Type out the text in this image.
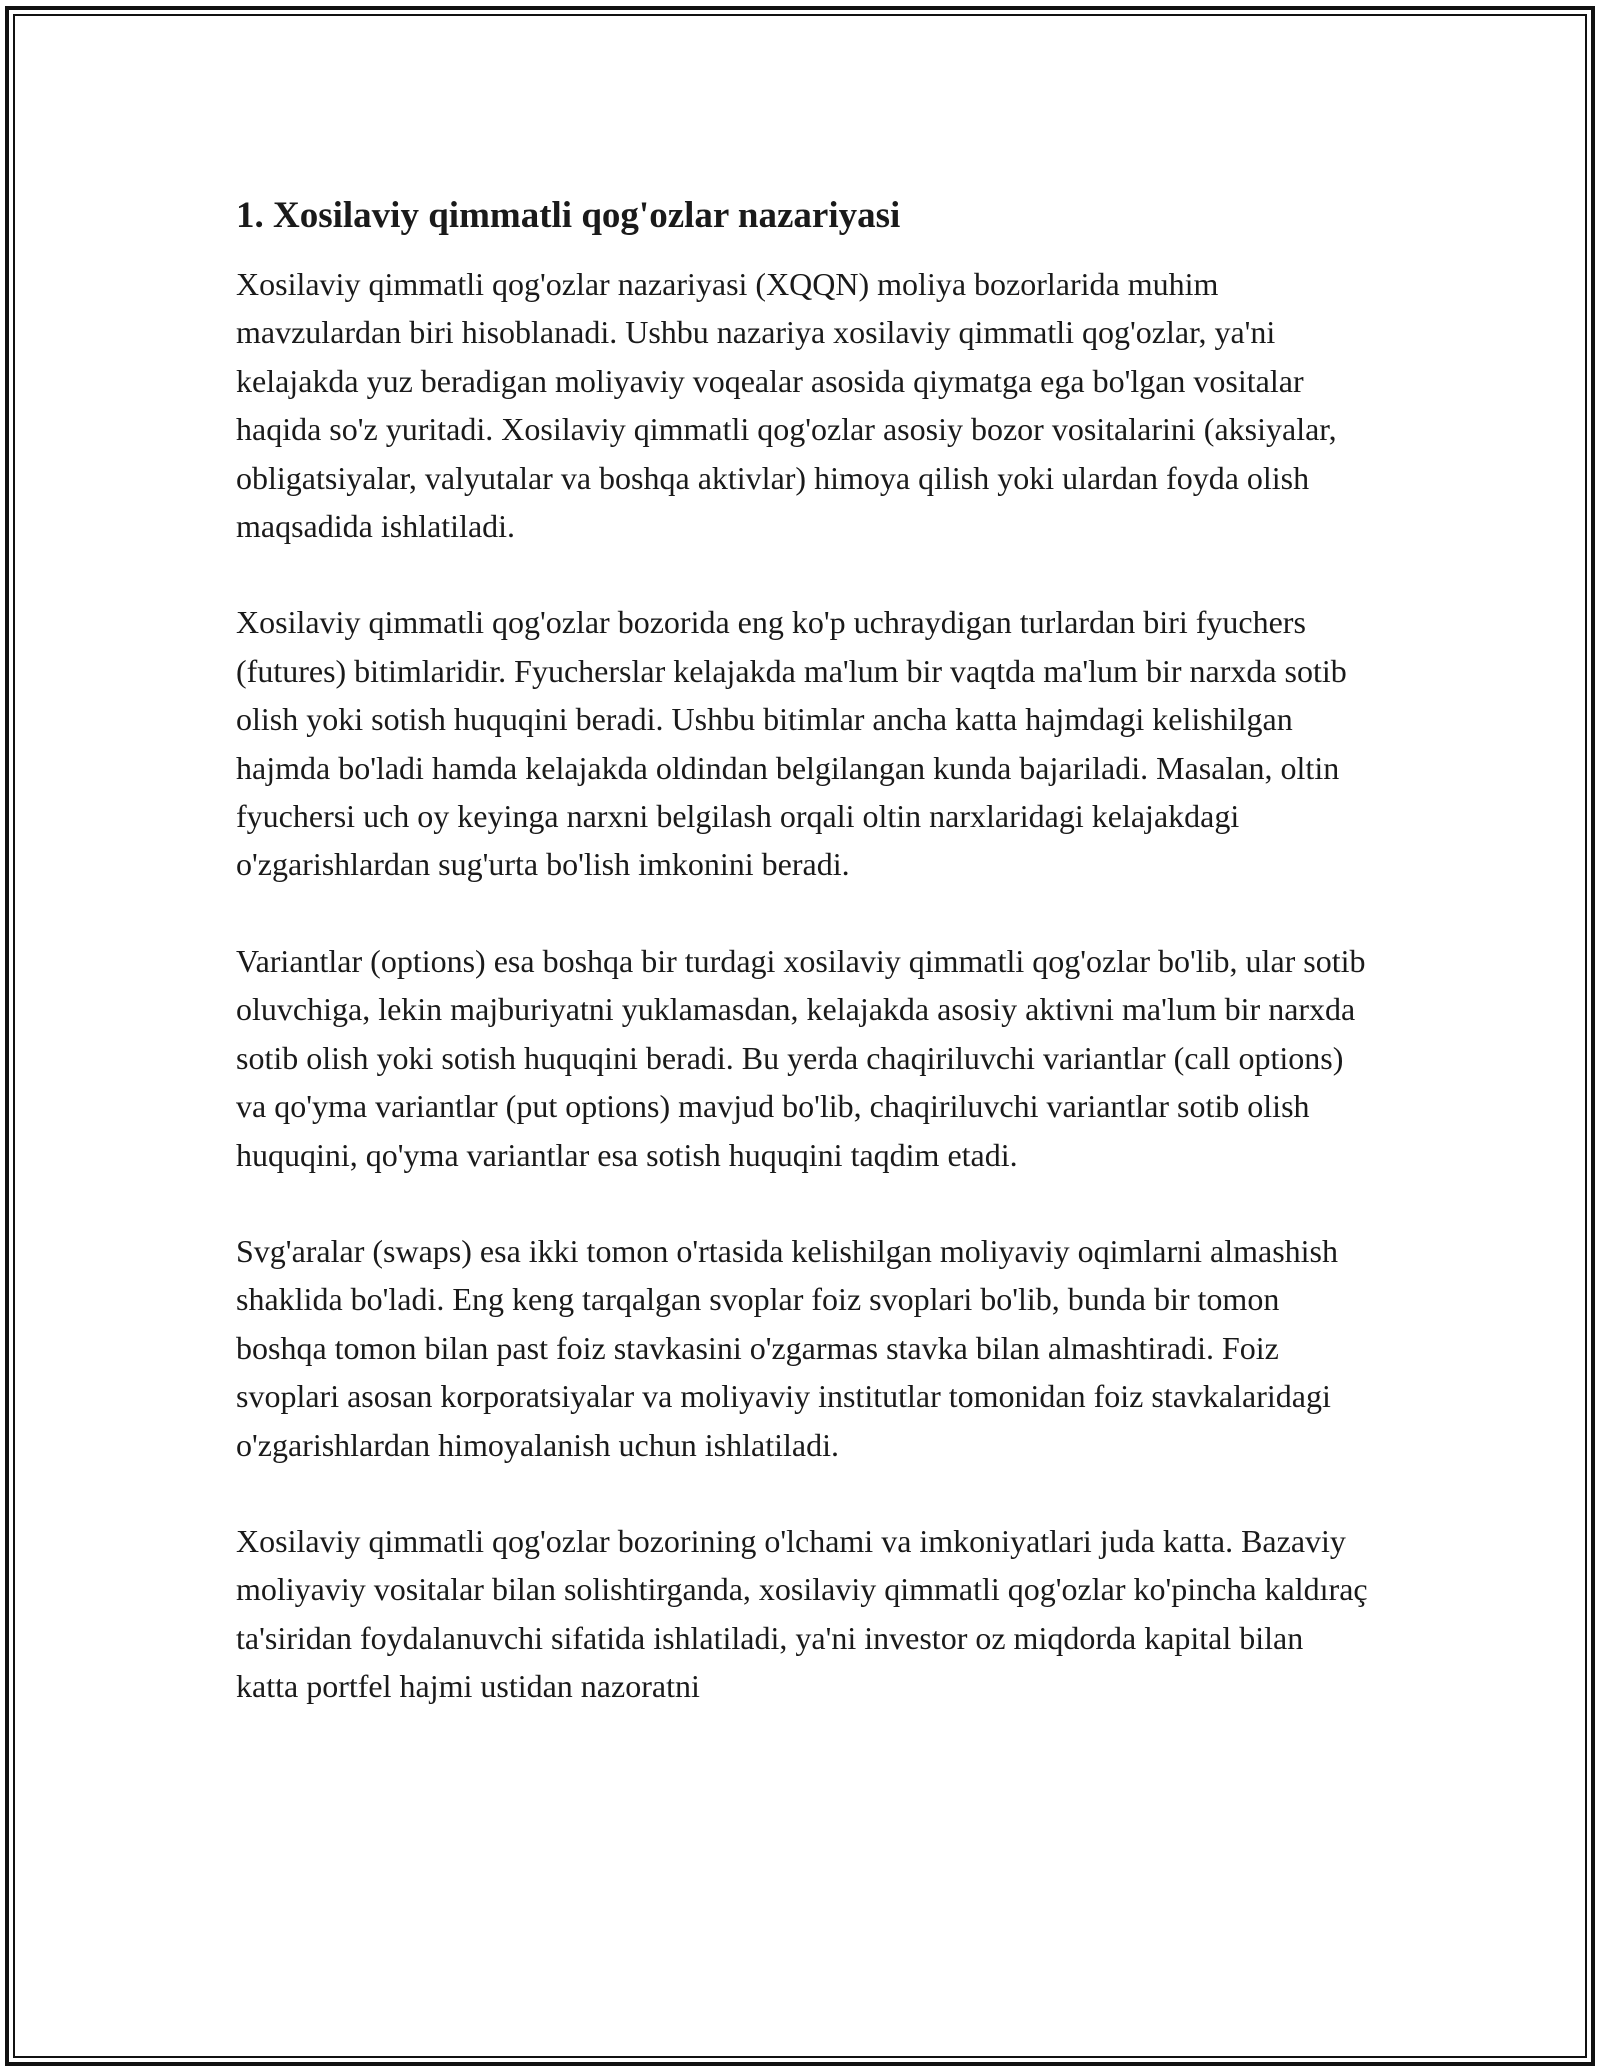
1. Xosilaviy qimmatli qog'ozlar nazariyasi

Xosilaviy qimmatli qog'ozlar nazariyasi (XQQN) moliya bozorlarida muhim mavzulardan biri hisoblanadi. Ushbu nazariya xosilaviy qimmatli qog'ozlar, ya'ni kelajakda yuz beradigan moliyaviy voqealar asosida qiymatga ega bo'lgan vositalar haqida so'z yuritadi. Xosilaviy qimmatli qog'ozlar asosiy bozor vositalarini (aksiyalar, obligatsiyalar, valyutalar va boshqa aktivlar) himoya qilish yoki ulardan foyda olish maqsadida ishlatiladi.

Xosilaviy qimmatli qog'ozlar bozorida eng ko'p uchraydigan turlardan biri fyuchers (futures) bitimlaridir. Fyucherslar kelajakda ma'lum bir vaqtda ma'lum bir narxda sotib olish yoki sotish huquqini beradi. Ushbu bitimlar ancha katta hajmdagi kelishilgan hajmda bo'ladi hamda kelajakda oldindan belgilangan kunda bajariladi. Masalan, oltin fyuchersi uch oy keyinga narxni belgilash orqali oltin narxlaridagi kelajakdagi o'zgarishlardan sug'urta bo'lish imkonini beradi.

Variantlar (options) esa boshqa bir turdagi xosilaviy qimmatli qog'ozlar bo'lib, ular sotib oluvchiga, lekin majburiyatni yuklamasdan, kelajakda asosiy aktivni ma'lum bir narxda sotib olish yoki sotish huquqini beradi. Bu yerda chaqiriluvchi variantlar (call options) va qo'yma variantlar (put options) mavjud bo'lib, chaqiriluvchi variantlar sotib olish huquqini, qo'yma variantlar esa sotish huquqini taqdim etadi.

Svg'aralar (swaps) esa ikki tomon o'rtasida kelishilgan moliyaviy oqimlarni almashish shaklida bo'ladi. Eng keng tarqalgan svoplar foiz svoplari bo'lib, bunda bir tomon boshqa tomon bilan past foiz stavkasini o'zgarmas stavka bilan almashtiradi. Foiz svoplari asosan korporatsiyalar va moliyaviy institutlar tomonidan foiz stavkalaridagi o'zgarishlardan himoyalanish uchun ishlatiladi.

Xosilaviy qimmatli qog'ozlar bozorining o'lchami va imkoniyatlari juda katta. Bazaviy moliyaviy vositalar bilan solishtirganda, xosilaviy qimmatli qog'ozlar ko'pincha kaldıraç ta'siridan foydalanuvchi sifatida ishlatiladi, ya'ni investor oz miqdorda kapital bilan katta portfel hajmi ustidan nazoratni
